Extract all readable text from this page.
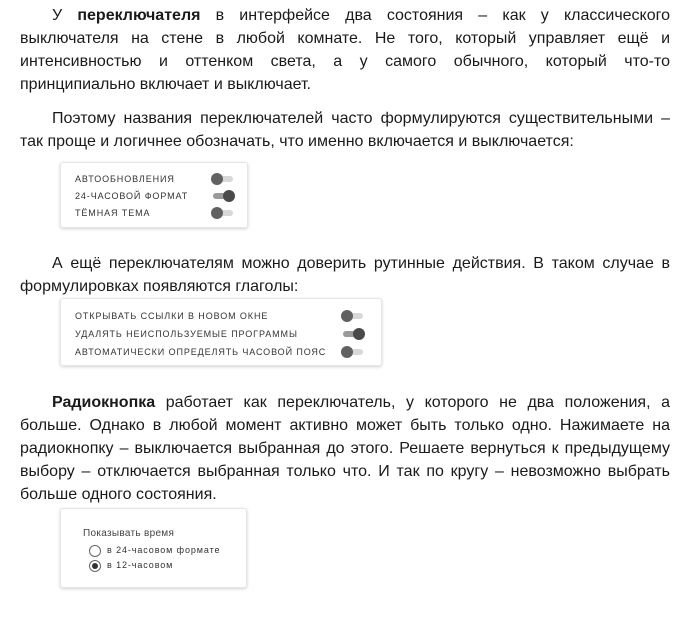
У переключателя в интерфейсе два состояния – как у классического выключателя на стене в любой комнате. Не того, который управляет ещё и интенсивностью и оттенком света, а у самого обычного, который что-то принципиально включает и выключает.

Поэтому названия переключателей часто формулируются существительными – так проще и логичнее обозначать, что именно включается и выключается:

АВТООБНОВЛЕНИЯ
24-ЧАСОВОЙ ФОРМАТ
ТЁМНАЯ ТЕМА

А ещё переключателям можно доверить рутинные действия. В таком случае в формулировках появляются глаголы:

ОТКРЫВАТЬ ССЫЛКИ В НОВОМ ОКНЕ
УДАЛЯТЬ НЕИСПОЛЬЗУЕМЫЕ ПРОГРАММЫ
АВТОМАТИЧЕСКИ ОПРЕДЕЛЯТЬ ЧАСОВОЙ ПОЯС

Радиокнопка работает как переключатель, у которого не два положения, а больше. Однако в любой момент активно может быть только одно. Нажимаете на радиокнопку – выключается выбранная до этого. Решаете вернуться к предыдущему выбору – отключается выбранная только что. И так по кругу – невозможно выбрать больше одного состояния.

Показывать время
в 24-часовом формате
в 12-часовом
